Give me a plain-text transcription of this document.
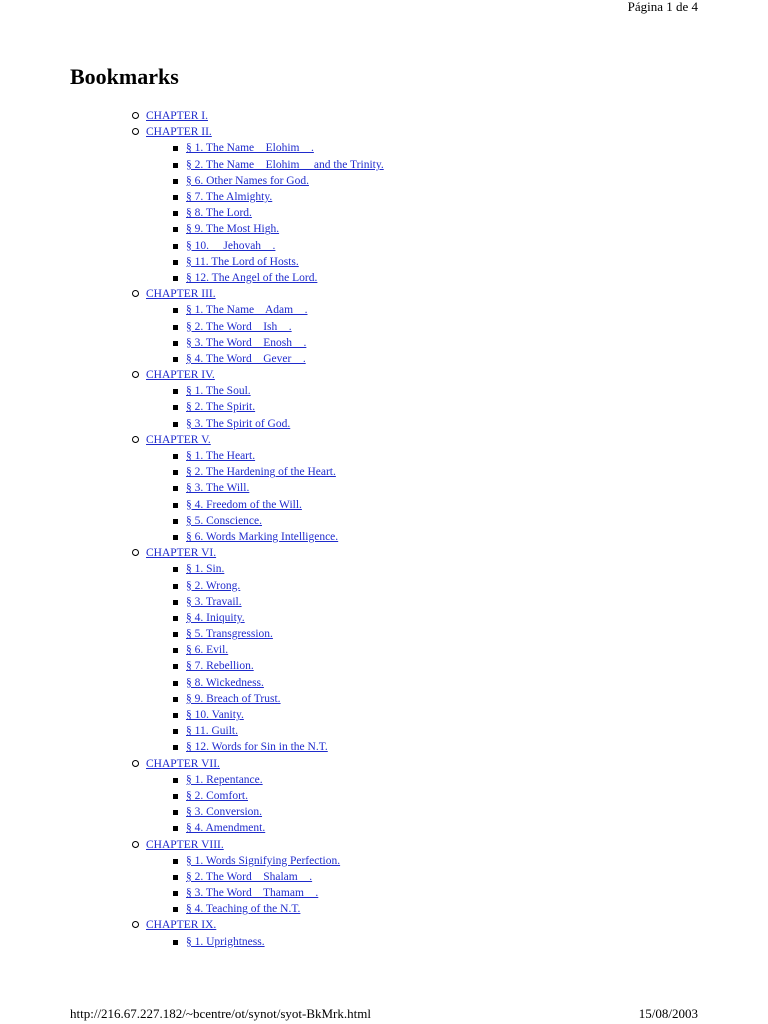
Página 1 de 4
Bookmarks
CHAPTER I.
CHAPTER II.
§ 1. The Name    Elohim    .
§ 2. The Name    Elohim     and the Trinity.
§ 6. Other Names for God.
§ 7. The Almighty.
§ 8. The Lord.
§ 9. The Most High.
§ 10.     Jehovah    .
§ 11. The Lord of Hosts.
§ 12. The Angel of the Lord.
CHAPTER III.
§ 1. The Name    Adam    .
§ 2. The Word    Ish    .
§ 3. The Word    Enosh    .
§ 4. The Word    Gever    .
CHAPTER IV.
§ 1. The Soul.
§ 2. The Spirit.
§ 3. The Spirit of God.
CHAPTER V.
§ 1. The Heart.
§ 2. The Hardening of the Heart.
§ 3. The Will.
§ 4. Freedom of the Will.
§ 5. Conscience.
§ 6. Words Marking Intelligence.
CHAPTER VI.
§ 1. Sin.
§ 2. Wrong.
§ 3. Travail.
§ 4. Iniquity.
§ 5. Transgression.
§ 6. Evil.
§ 7. Rebellion.
§ 8. Wickedness.
§ 9. Breach of Trust.
§ 10. Vanity.
§ 11. Guilt.
§ 12. Words for Sin in the N.T.
CHAPTER VII.
§ 1. Repentance.
§ 2. Comfort.
§ 3. Conversion.
§ 4. Amendment.
CHAPTER VIII.
§ 1. Words Signifying Perfection.
§ 2. The Word    Shalam    .
§ 3. The Word    Thamam    .
§ 4. Teaching of the N.T.
CHAPTER IX.
§ 1. Uprightness.
http://216.67.227.182/~bcentre/ot/synot/syot-BkMrk.html	15/08/2003
